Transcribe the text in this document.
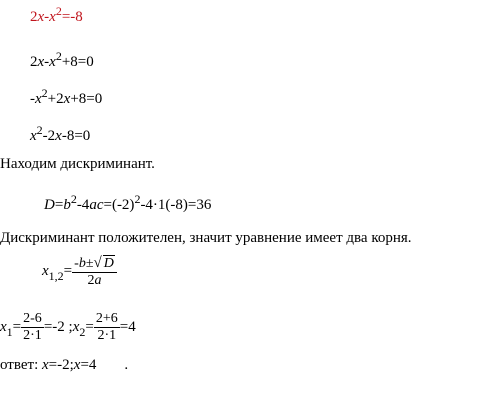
$2x-x^2=-8$
$2x-x^2+8=0$
$-x^2+2x+8=0$
$x^2-2x-8=0$
Находим дискриминант.
$D=b^2-4ac=(-2)^2-4\cdot 1(-8)=36$
Дискриминант положителен, значит уравнение имеет два корня.
$x_{1,2}= \frac{-b\pm√ D}{2a}$
$x_1= \frac{2-6}{2\cdot 1} =-2$ $;x_2= \frac{2+6}{2\cdot 1} =4$
ответ: x=-2;x=4 .
